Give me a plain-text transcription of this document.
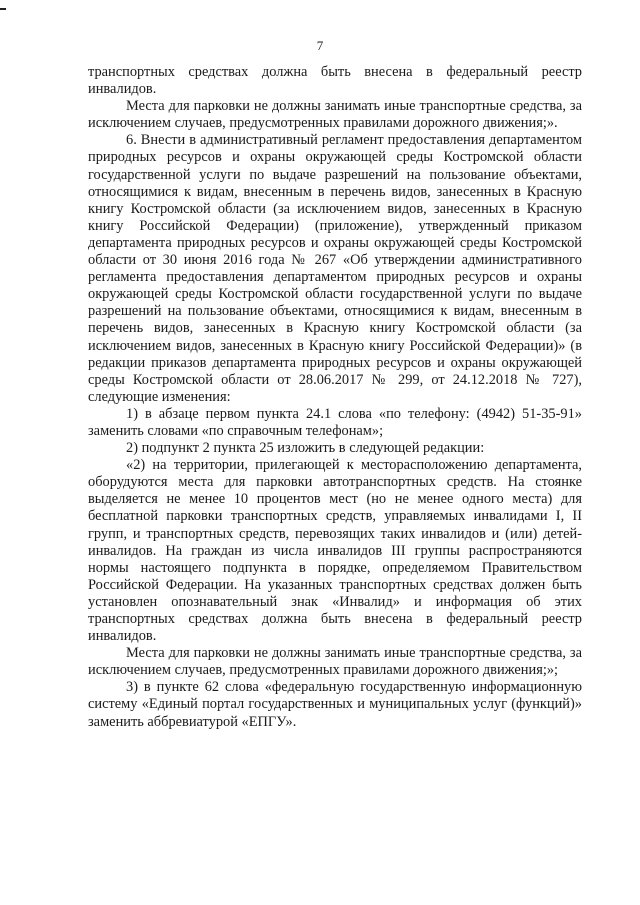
7

транспортных средствах должна быть внесена в федеральный реестр инвалидов.

Места для парковки не должны занимать иные транспортные средства, за исключением случаев, предусмотренных правилами дорожного движения;».

6. Внести в административный регламент предоставления департаментом природных ресурсов и охраны окружающей среды Костромской области государственной услуги по выдаче разрешений на пользование объектами, относящимися к видам, внесенным в перечень видов, занесенных в Красную книгу Костромской области (за исключением видов, занесенных в Красную книгу Российской Федерации) (приложение), утвержденный приказом департамента природных ресурсов и охраны окружающей среды Костромской области от 30 июня 2016 года № 267 «Об утверждении административного регламента предоставления департаментом природных ресурсов и охраны окружающей среды Костромской области государственной услуги по выдаче разрешений на пользование объектами, относящимися к видам, внесенным в перечень видов, занесенных в Красную книгу Костромской области (за исключением видов, занесенных в Красную книгу Российской Федерации)» (в редакции приказов департамента природных ресурсов и охраны окружающей среды Костромской области от 28.06.2017 № 299, от 24.12.2018 № 727), следующие изменения:

1) в абзаце первом пункта 24.1 слова «по телефону: (4942) 51-35-91» заменить словами «по справочным телефонам»;

2) подпункт 2 пункта 25 изложить в следующей редакции:

«2) на территории, прилегающей к месторасположению департамента, оборудуются места для парковки автотранспортных средств. На стоянке выделяется не менее 10 процентов мест (но не менее одного места) для бесплатной парковки транспортных средств, управляемых инвалидами I, II групп, и транспортных средств, перевозящих таких инвалидов и (или) детей-инвалидов. На граждан из числа инвалидов III группы распространяются нормы настоящего подпункта в порядке, определяемом Правительством Российской Федерации. На указанных транспортных средствах должен быть установлен опознавательный знак «Инвалид» и информация об этих транспортных средствах должна быть внесена в федеральный реестр инвалидов.

Места для парковки не должны занимать иные транспортные средства, за исключением случаев, предусмотренных правилами дорожного движения;»;

3) в пункте 62 слова «федеральную государственную информационную систему «Единый портал государственных и муниципальных услуг (функций)» заменить аббревиатурой «ЕПГУ».
